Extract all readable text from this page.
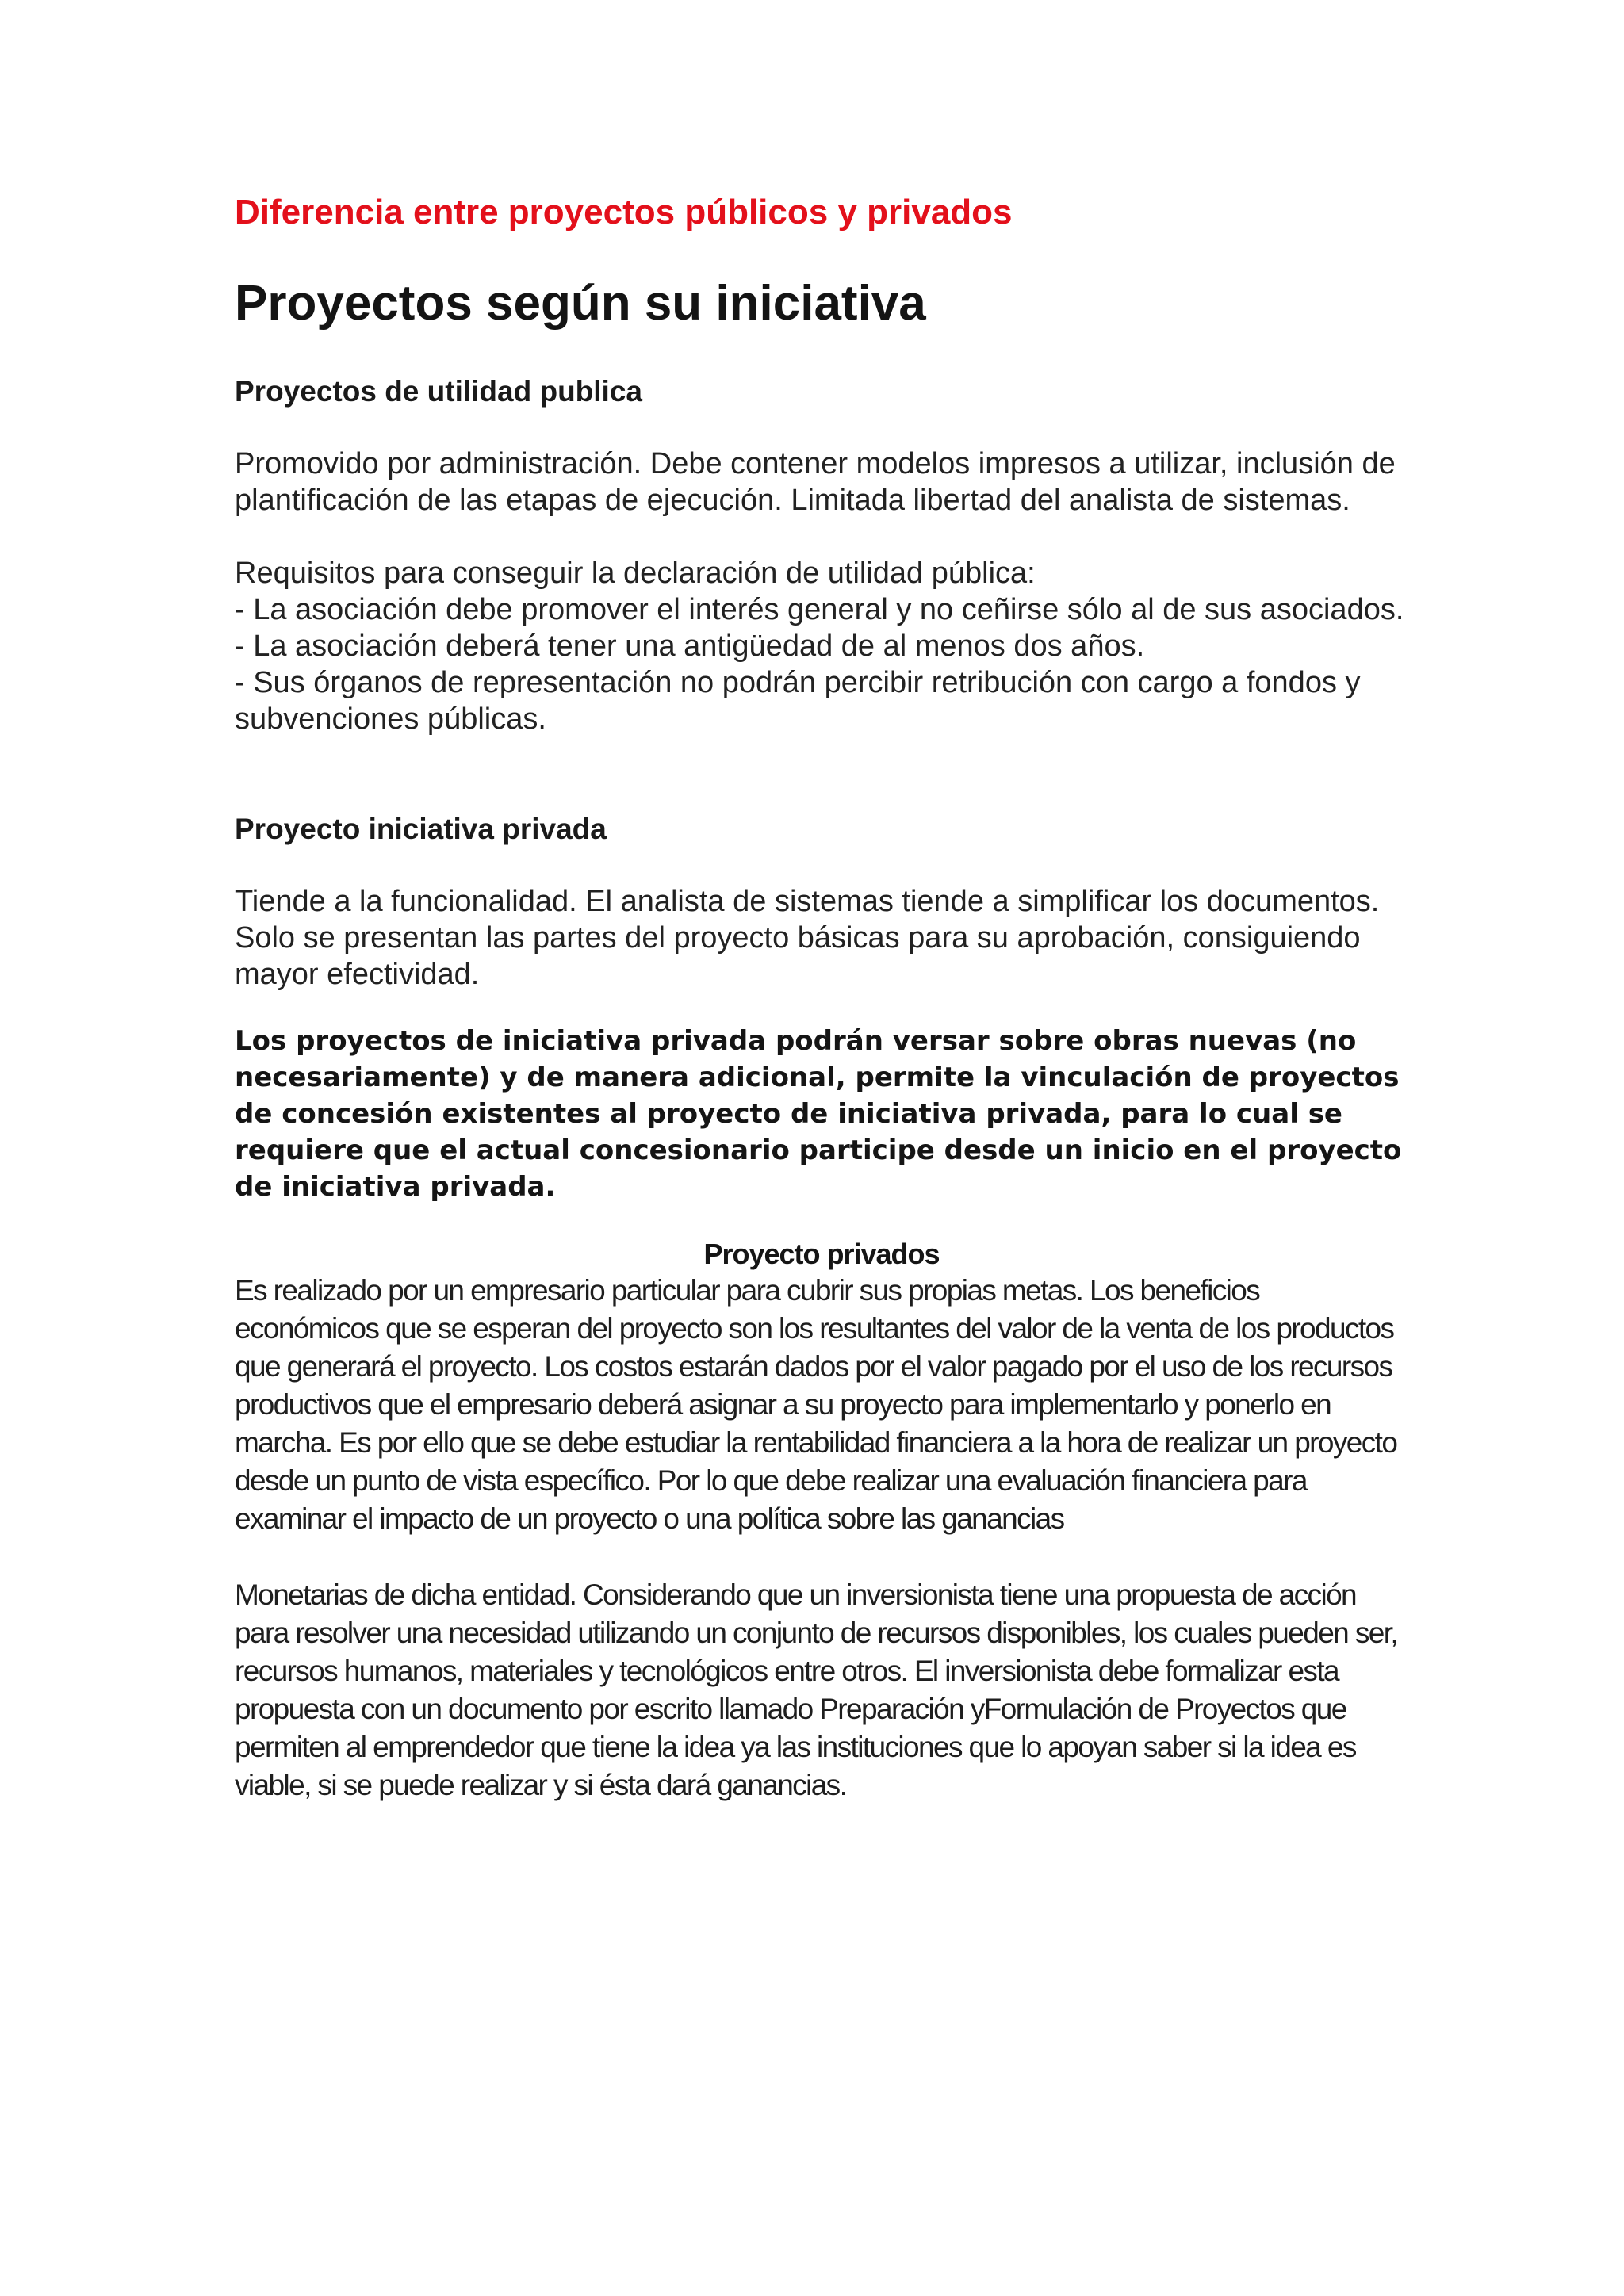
Diferencia entre proyectos públicos y privados
Proyectos según su iniciativa
Proyectos de utilidad publica

Promovido por administración. Debe contener modelos impresos a utilizar, inclusión de plantificación de las etapas de ejecución. Limitada libertad del analista de sistemas.

Requisitos para conseguir la declaración de utilidad pública:
- La asociación debe promover el interés general y no ceñirse sólo al de sus asociados.
- La asociación deberá tener una antigüedad de al menos dos años.
- Sus órganos de representación no podrán percibir retribución con cargo a fondos y subvenciones públicas.
Proyecto iniciativa privada

Tiende a la funcionalidad. El analista de sistemas tiende a simplificar los documentos. Solo se presentan las partes del proyecto básicas para su aprobación, consiguiendo mayor efectividad.

Los proyectos de iniciativa privada podrán versar sobre obras nuevas (no necesariamente) y de manera adicional, permite la vinculación de proyectos de concesión existentes al proyecto de iniciativa privada, para lo cual se requiere que el actual concesionario participe desde un inicio en el proyecto de iniciativa privada.

Proyecto privados

Es realizado por un empresario particular para cubrir sus propias metas. Los beneficios económicos que se esperan del proyecto son los resultantes del valor de la venta de los productos que generará el proyecto. Los costos estarán dados por el valor pagado por el uso de los recursos productivos que el empresario deberá asignar a su proyecto para implementarlo y ponerlo en marcha. Es por ello que se debe estudiar la rentabilidad financiera a la hora de realizar un proyecto desde un punto de vista específico. Por lo que debe realizar una evaluación financiera para examinar el impacto de un proyecto o una política sobre las ganancias

Monetarias de dicha entidad. Considerando que un inversionista tiene una propuesta de acción para resolver una necesidad utilizando un conjunto de recursos disponibles, los cuales pueden ser, recursos humanos, materiales y tecnológicos entre otros. El inversionista debe formalizar esta propuesta con un documento por escrito llamado Preparación yFormulación de Proyectos que permiten al emprendedor que tiene la idea ya las instituciones que lo apoyan saber si la idea es viable, si se puede realizar y si ésta dará ganancias.
